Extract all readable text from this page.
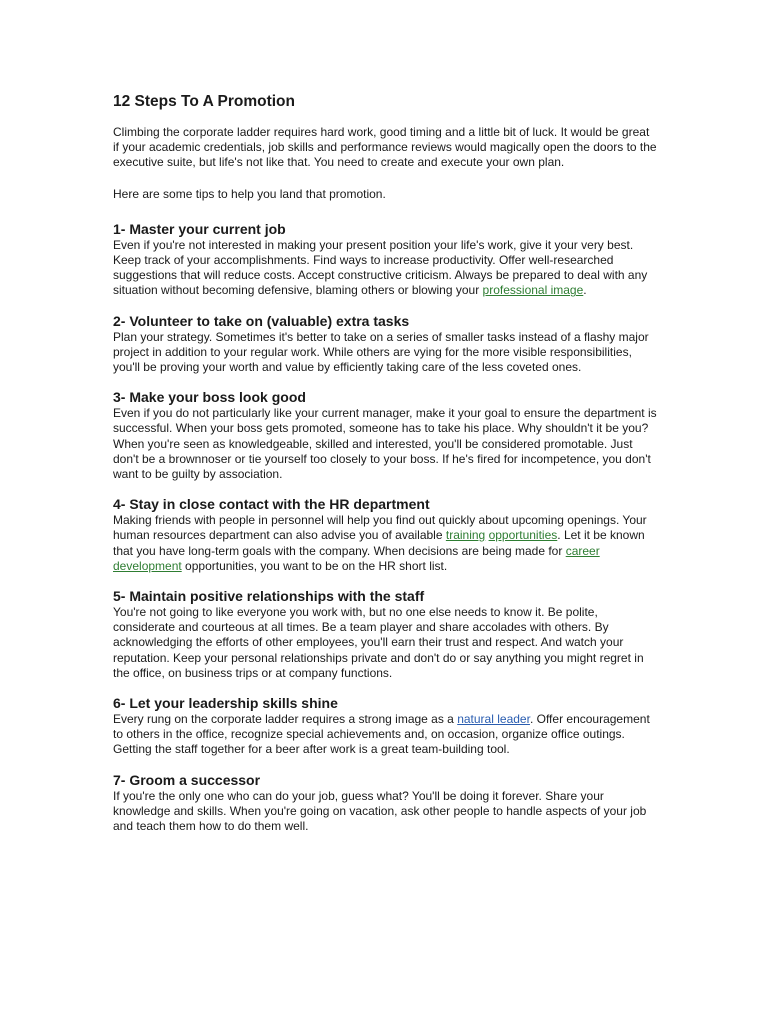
12 Steps To A Promotion

Climbing the corporate ladder requires hard work, good timing and a little bit of luck. It would be great if your academic credentials, job skills and performance reviews would magically open the doors to the executive suite, but life's not like that. You need to create and execute your own plan.

Here are some tips to help you land that promotion.

1- Master your current job

Even if you're not interested in making your present position your life's work, give it your very best. Keep track of your accomplishments. Find ways to increase productivity. Offer well-researched suggestions that will reduce costs. Accept constructive criticism. Always be prepared to deal with any situation without becoming defensive, blaming others or blowing your professional image.

2- Volunteer to take on (valuable) extra tasks

Plan your strategy. Sometimes it's better to take on a series of smaller tasks instead of a flashy major project in addition to your regular work. While others are vying for the more visible responsibilities, you'll be proving your worth and value by efficiently taking care of the less coveted ones.

3- Make your boss look good

Even if you do not particularly like your current manager, make it your goal to ensure the department is successful. When your boss gets promoted, someone has to take his place. Why shouldn't it be you? When you're seen as knowledgeable, skilled and interested, you'll be considered promotable. Just don't be a brownnoser or tie yourself too closely to your boss. If he's fired for incompetence, you don't want to be guilty by association.

4- Stay in close contact with the HR department

Making friends with people in personnel will help you find out quickly about upcoming openings. Your human resources department can also advise you of available training opportunities. Let it be known that you have long-term goals with the company. When decisions are being made for career development opportunities, you want to be on the HR short list.

5- Maintain positive relationships with the staff

You're not going to like everyone you work with, but no one else needs to know it. Be polite, considerate and courteous at all times. Be a team player and share accolades with others. By acknowledging the efforts of other employees, you'll earn their trust and respect. And watch your reputation. Keep your personal relationships private and don't do or say anything you might regret in the office, on business trips or at company functions.

6- Let your leadership skills shine

Every rung on the corporate ladder requires a strong image as a natural leader. Offer encouragement to others in the office, recognize special achievements and, on occasion, organize office outings. Getting the staff together for a beer after work is a great team-building tool.

7- Groom a successor

If you're the only one who can do your job, guess what? You'll be doing it forever. Share your knowledge and skills. When you're going on vacation, ask other people to handle aspects of your job and teach them how to do them well.
